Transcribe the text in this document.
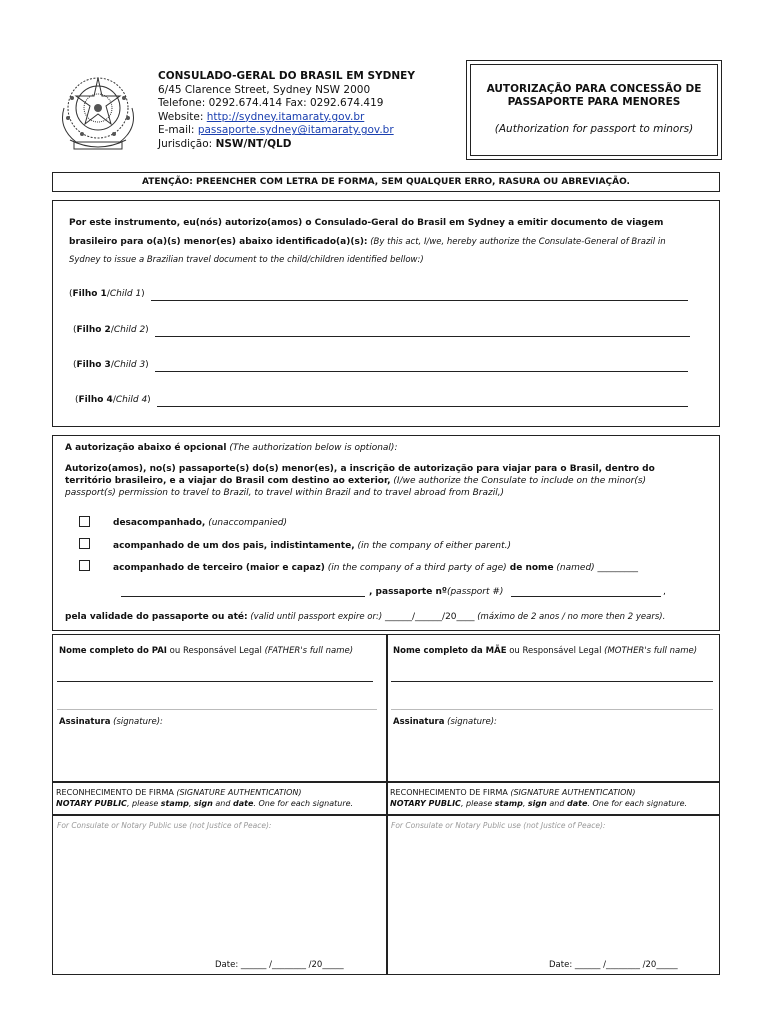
CONSULADO-GERAL DO BRASIL EM SYDNEY
6/45 Clarence Street, Sydney NSW 2000
Telefone: 0292.674.414 Fax: 0292.674.419
Website: http://sydney.itamaraty.gov.br
E-mail: passaporte.sydney@itamaraty.gov.br
Jurisdição: NSW/NT/QLD
AUTORIZAÇÃO PARA CONCESSÃO DE
PASSAPORTE PARA MENORES
(Authorization for passport to minors)
ATENÇÃO: PREENCHER COM LETRA DE FORMA, SEM QUALQUER ERRO, RASURA OU ABREVIAÇÃO.
Por este instrumento, eu(nós) autorizo(amos) o Consulado-Geral do Brasil em Sydney a emitir documento de viagem
brasileiro para o(a)(s) menor(es) abaixo identificado(a)(s): (By this act, I/we, hereby authorize the Consulate-General of Brazil in
Sydney to issue a Brazilian travel document to the child/children identified bellow:)
(Filho 1/Child 1)
(Filho 2/Child 2)
(Filho 3/Child 3)
(Filho 4/Child 4)
A autorização abaixo é opcional (The authorization below is optional):
Autorizo(amos), no(s) passaporte(s) do(s) menor(es), a inscrição de autorização para viajar para o Brasil, dentro do
território brasileiro, e a viajar do Brasil com destino ao exterior, (I/we authorize the Consulate to include on the minor(s)
passport(s) permission to travel to Brazil, to travel within Brazil and to travel abroad from Brazil,)
desacompanhado, (unaccompanied)
acompanhado de um dos pais, indistintamente, (in the company of either parent.)
acompanhado de terceiro (maior e capaz) (in the company of a third party of age) de nome (named) _________
, passaporte nº(passport #)	,
pela validade do passaporte ou até: (valid until passport expire or:) ______/______/20____ (máximo de 2 anos / no more then 2 years).
Nome completo do PAI ou Responsável Legal (FATHER's full name)
Assinatura (signature):
Nome completo da MÃE ou Responsável Legal (MOTHER's full name)
Assinatura (signature):
RECONHECIMENTO DE FIRMA (SIGNATURE AUTHENTICATION)
NOTARY PUBLIC, please stamp, sign and date. One for each signature.
RECONHECIMENTO DE FIRMA (SIGNATURE AUTHENTICATION)
NOTARY PUBLIC, please stamp, sign and date. One for each signature.
For Consulate or Notary Public use (not Justice of Peace):
Date: ______ /________ /20_____
For Consulate or Notary Public use (not Justice of Peace):
Date: ______ /________ /20_____
